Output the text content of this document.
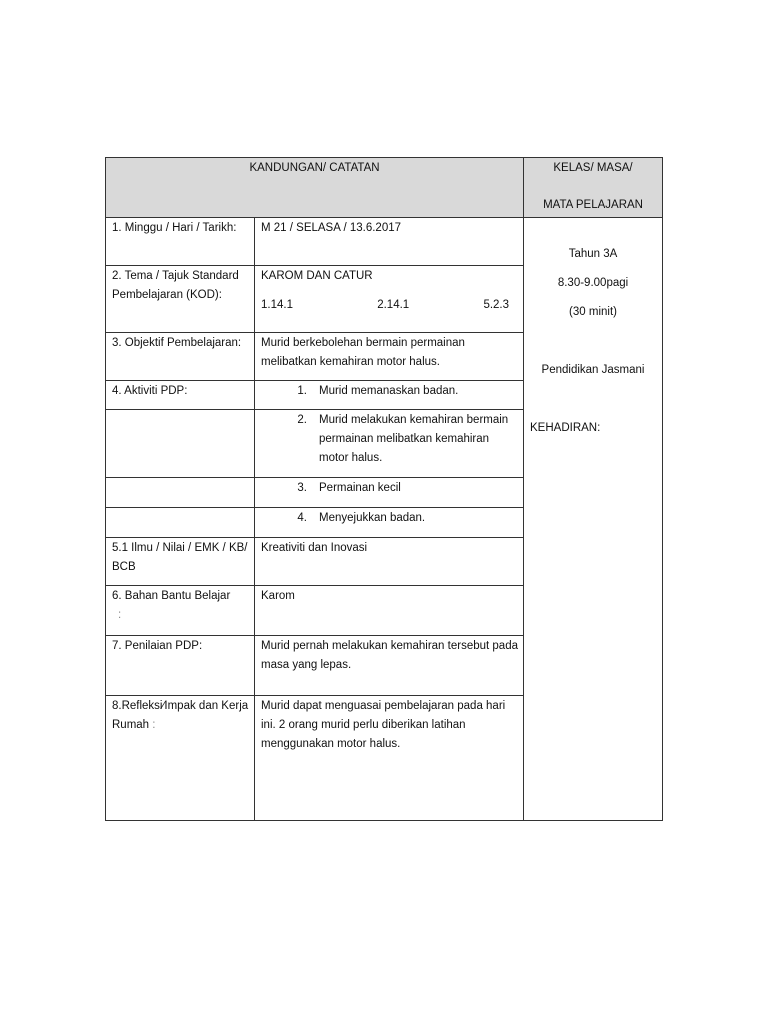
KANDUNGAN/ CATATAN		KELAS/ MASA/
MATA PELAJARAN

1. Minggu / Hari / Tarikh:	M 21 / SELASA / 13.6.2017	Tahun 3A
8.30-9.00pagi
(30 minit)
Pendidikan Jasmani
KEHADIRAN:

2. Tema / Tajuk Standard Pembelajaran (KOD):	KAROM DAN CATUR
1.14.1 2.14.1 5.2.3	

3. Objektif Pembelajaran:	Murid berkebolehan bermain permainan melibatkan kemahiran motor halus.	
4. Aktiviti PDP:	1. Murid memanaskan badan.	

	2. Murid melakukan kemahiran bermain permainan melibatkan kemahiran motor halus.	

	3. Permainan kecil	

	4. Menyejukkan badan.	

5.1 Ilmu / Nilai / EMK / KB/ BCB	Kreativiti dan Inovasi	

6. Bahan Bantu Belajar
:	Karom	
7. Penilaian PDP:	Murid pernah melakukan kemahiran tersebut pada masa yang lepas.	
8.Refleksi∕Impak dan Kerja Rumah :	Murid dapat menguasai pembelajaran pada hari ini. 2 orang murid perlu diberikan latihan menggunakan motor halus.	
